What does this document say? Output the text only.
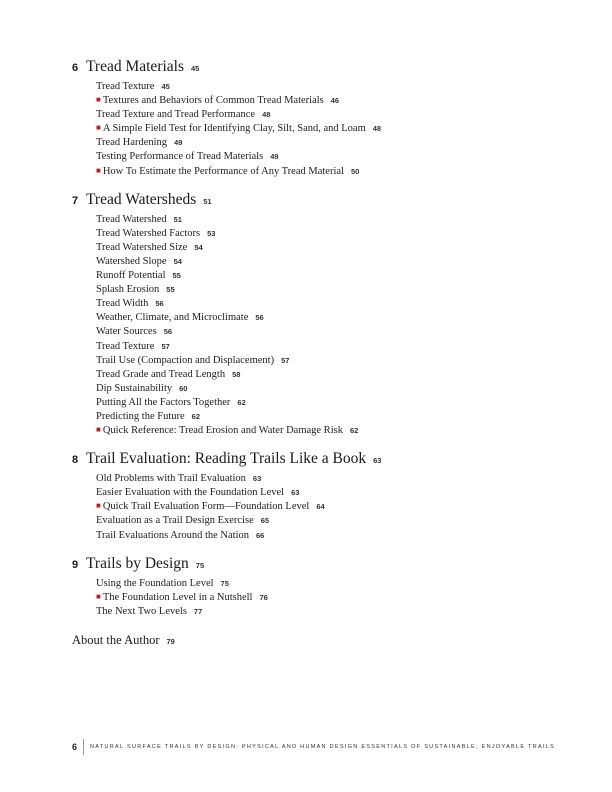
6 Tread Materials 45
Tread Texture 45
■ Textures and Behaviors of Common Tread Materials 46
Tread Texture and Tread Performance 48
■ A Simple Field Test for Identifying Clay, Silt, Sand, and Loam 48
Tread Hardening 49
Testing Performance of Tread Materials 49
■ How To Estimate the Performance of Any Tread Material 50
7 Tread Watersheds 51
Tread Watershed 51
Tread Watershed Factors 53
Tread Watershed Size 54
Watershed Slope 54
Runoff Potential 55
Splash Erosion 55
Tread Width 56
Weather, Climate, and Microclimate 56
Water Sources 56
Tread Texture 57
Trail Use (Compaction and Displacement) 57
Tread Grade and Tread Length 58
Dip Sustainability 60
Putting All the Factors Together 62
Predicting the Future 62
■ Quick Reference: Tread Erosion and Water Damage Risk 62
8 Trail Evaluation: Reading Trails Like a Book 63
Old Problems with Trail Evaluation 63
Easier Evaluation with the Foundation Level 63
■ Quick Trail Evaluation Form—Foundation Level 64
Evaluation as a Trail Design Exercise 65
Trail Evaluations Around the Nation 66
9 Trails by Design 75
Using the Foundation Level 75
■ The Foundation Level in a Nutshell 76
The Next Two Levels 77
About the Author 79
6 NATURAL SURFACE TRAILS BY DESIGN: PHYSICAL AND HUMAN DESIGN ESSENTIALS OF SUSTAINABLE, ENJOYABLE TRAILS
